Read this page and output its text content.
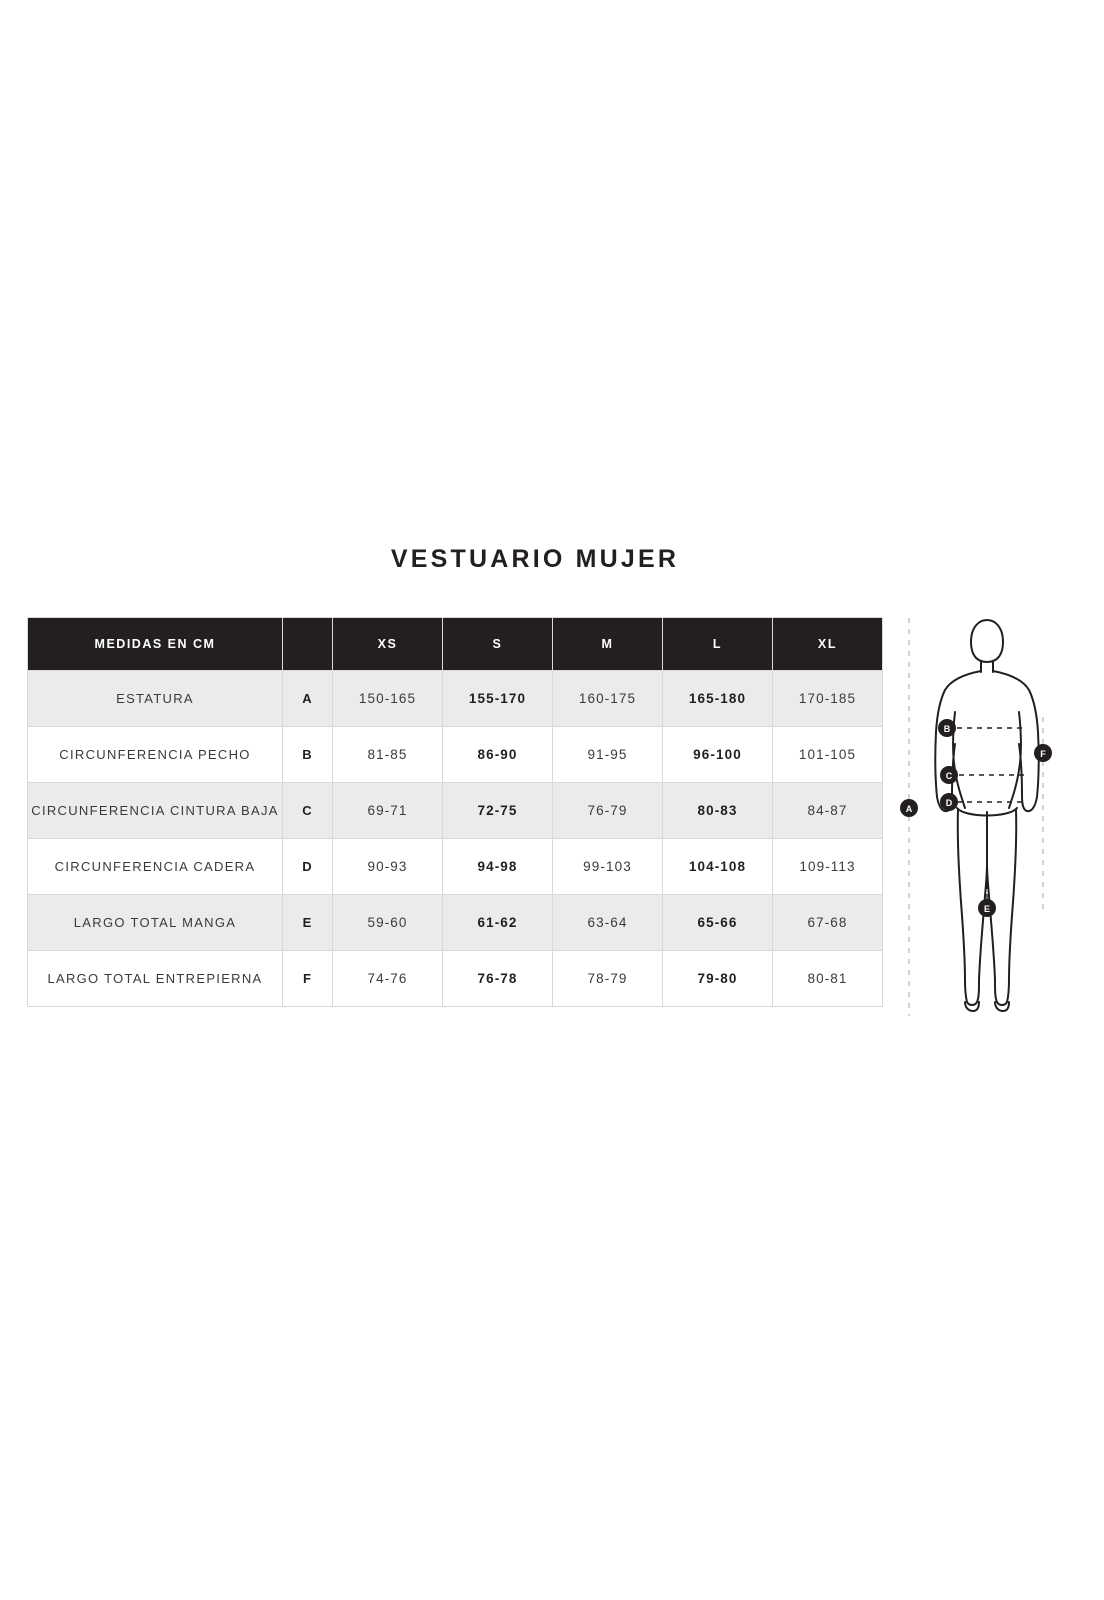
VESTUARIO MUJER
MEDIDAS EN CM		XS	S	M	L	XL
ESTATURA	A	150-165	155-170	160-175	165-180	170-185
CIRCUNFERENCIA PECHO	B	81-85	86-90	91-95	96-100	101-105
CIRCUNFERENCIA CINTURA BAJA	C	69-71	72-75	76-79	80-83	84-87
CIRCUNFERENCIA CADERA	D	90-93	94-98	99-103	104-108	109-113
LARGO TOTAL MANGA	E	59-60	61-62	63-64	65-66	67-68
LARGO TOTAL ENTREPIERNA	F	74-76	76-78	78-79	79-80	80-81
A
B
C
D
F
E
